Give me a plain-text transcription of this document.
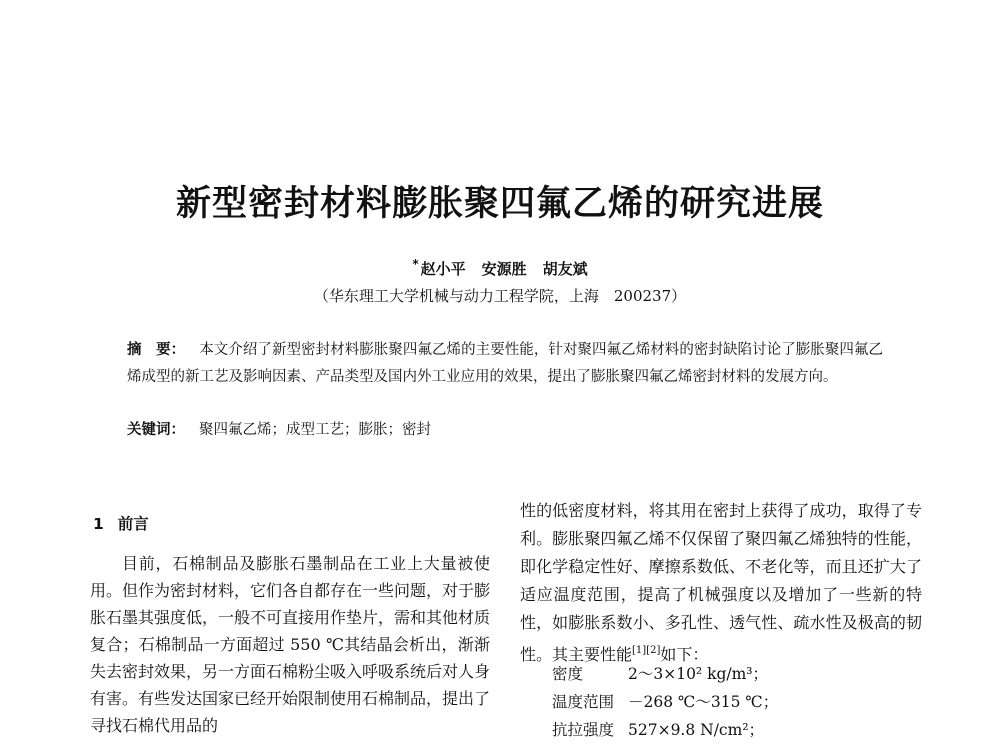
新型密封材料膨胀聚四氟乙烯的研究进展
* 赵小平 安源胜 胡友斌
（华东理工大学机械与动力工程学院，上海　200237）
摘　要： 本文介绍了新型密封材料膨胀聚四氟乙烯的主要性能，针对聚四氟乙烯材料的密封缺陷讨论了膨胀聚四氟乙烯成型的新工艺及影响因素、产品类型及国内外工业应用的效果，提出了膨胀聚四氟乙烯密封材料的发展方向。
关键词： 聚四氟乙烯；成型工艺；膨胀；密封
1 前言

目前，石棉制品及膨胀石墨制品在工业上大量被使用。但作为密封材料，它们各自都存在一些问题，对于膨胀石墨其强度低，一般不可直接用作垫片，需和其他材质复合；石棉制品一方面超过 550 ℃其结晶会析出，渐渐失去密封效果，另一方面石棉粉尘吸入呼吸系统后对人身有害。有些发达国家已经开始限制使用石棉制品，提出了寻找石棉代用品的

性的低密度材料，将其用在密封上获得了成功，取得了专利。膨胀聚四氟乙烯不仅保留了聚四氟乙烯独特的性能，即化学稳定性好、摩擦系数低、不老化等，而且还扩大了适应温度范围，提高了机械强度以及增加了一些新的特性，如膨胀系数小、多孔性、透气性、疏水性及极高的韧性。其主要性能[1][2]如下：

密度	2～3×10² kg/m³；
温度范围 －268 ℃～315 ℃；
抗拉强度 527×9.8 N/cm²；
